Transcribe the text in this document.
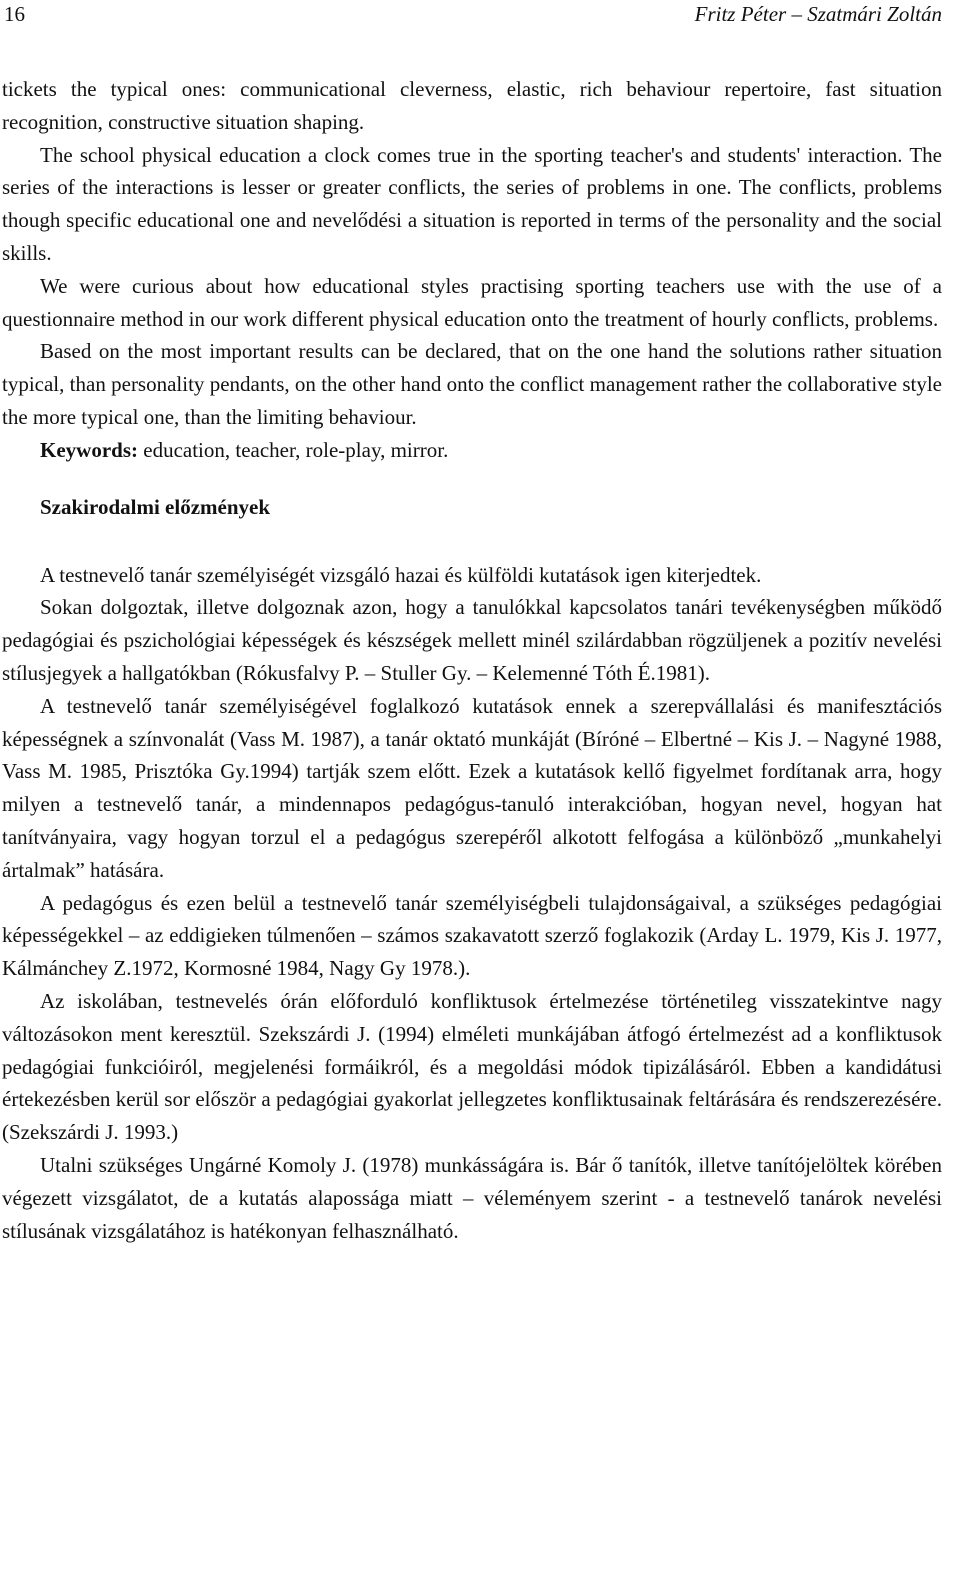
16	Fritz Péter – Szatmári Zoltán

tickets the typical ones: communicational cleverness, elastic, rich behaviour repertoire, fast situation recognition, constructive situation shaping.

The school physical education a clock comes true in the sporting teacher's and students' interaction. The series of the interactions is lesser or greater conflicts, the series of problems in one. The conflicts, problems though specific educational one and nevelődési a situation is reported in terms of the personality and the social skills.

We were curious about how educational styles practising sporting teachers use with the use of a questionnaire method in our work different physical education onto the treatment of hourly conflicts, problems.

Based on the most important results can be declared, that on the one hand the solutions rather situation typical, than personality pendants, on the other hand onto the conflict management rather the collaborative style the more typical one, than the limiting behaviour.

Keywords: education, teacher, role-play, mirror.

Szakirodalmi előzmények

A testnevelő tanár személyiségét vizsgáló hazai és külföldi kutatások igen kiterjedtek.

Sokan dolgoztak, illetve dolgoznak azon, hogy a tanulókkal kapcsolatos tanári tevékenységben működő pedagógiai és pszichológiai képességek és készségek mellett minél szilárdabban rögzüljenek a pozitív nevelési stílusjegyek a hallgatókban (Rókusfalvy P. – Stuller Gy. – Kelemenné Tóth É.1981).

A testnevelő tanár személyiségével foglalkozó kutatások ennek a szerepvállalási és manifesztációs képességnek a színvonalát (Vass M. 1987), a tanár oktató munkáját (Bíróné – Elbertné – Kis J. – Nagyné 1988, Vass M. 1985, Prisztóka Gy.1994) tartják szem előtt. Ezek a kutatások kellő figyelmet fordítanak arra, hogy milyen a testnevelő tanár, a mindennapos pedagógus-tanuló interakcióban, hogyan nevel, hogyan hat tanítványaira, vagy hogyan torzul el a pedagógus szerepéről alkotott felfogása a különböző „munkahelyi ártalmak” hatására.

A pedagógus és ezen belül a testnevelő tanár személyiségbeli tulajdonságaival, a szükséges pedagógiai képességekkel – az eddigieken túlmenően – számos szakavatott szerző foglakozik (Arday L. 1979, Kis J. 1977, Kálmánchey Z.1972, Kormosné 1984, Nagy Gy 1978.).

Az iskolában, testnevelés órán előforduló konfliktusok értelmezése történetileg visszatekintve nagy változásokon ment keresztül. Szekszárdi J. (1994) elméleti munkájában átfogó értelmezést ad a konfliktusok pedagógiai funkcióiról, megjelenési formáikról, és a megoldási módok tipizálásáról. Ebben a kandidátusi értekezésben kerül sor először a pedagógiai gyakorlat jellegzetes konfliktusainak feltárására és rendszerezésére. (Szekszárdi J. 1993.)

Utalni szükséges Ungárné Komoly J. (1978) munkásságára is. Bár ő tanítók, illetve tanítójelöltek körében végezett vizsgálatot, de a kutatás alapossága miatt – véleményem szerint - a testnevelő tanárok nevelési stílusának vizsgálatához is hatékonyan felhasználható.
